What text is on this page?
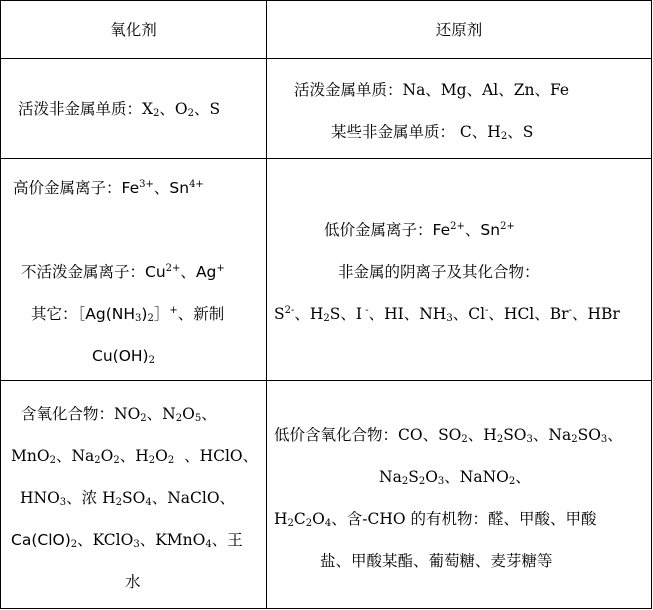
氧化剂	还原剂
活泼非金属单质：$X_2$、$O_2$、S
活泼金属单质：Na、Mg、Al、Zn、Fe
某些非金属单质： C、$H_2$、S
高价金属离子：$Fe^{3+}$、$Sn^{4+}$
不活泼金属离子：$Cu^{2+}$、Ag+
其它：$[Ag(NH_3)_2]^+$、新制
$Cu(OH)_2$
低价金属离子：$Fe^{2+}$、$Sn^{2+}$
非金属的阴离子及其化合物：
$S^{2-}$、$H_2S$、I -、HI、$NH_3$、Cl-、HCl、Br-、HBr
含氧化合物：$NO_2$、$N_2O_5$、
MnO$_2$、$Na_2O_2$、$H_2O_2$  、HClO、
$HNO_3$、浓 $H_2SO_4$、NaClO、
$Ca(ClO)_2$、KClO$_3$、KMnO$_4$、王
水
低价含氧化合物：CO、$SO_2$、$H_2SO_3$、$Na_2SO_3$、
$Na_2S_2O_3$、NaNO$_2$、
$H_2C_2O_4$、含-CHO 的有机物：醛、甲酸、甲酸
盐、甲酸某酯、葡萄糖、麦芽糖等
